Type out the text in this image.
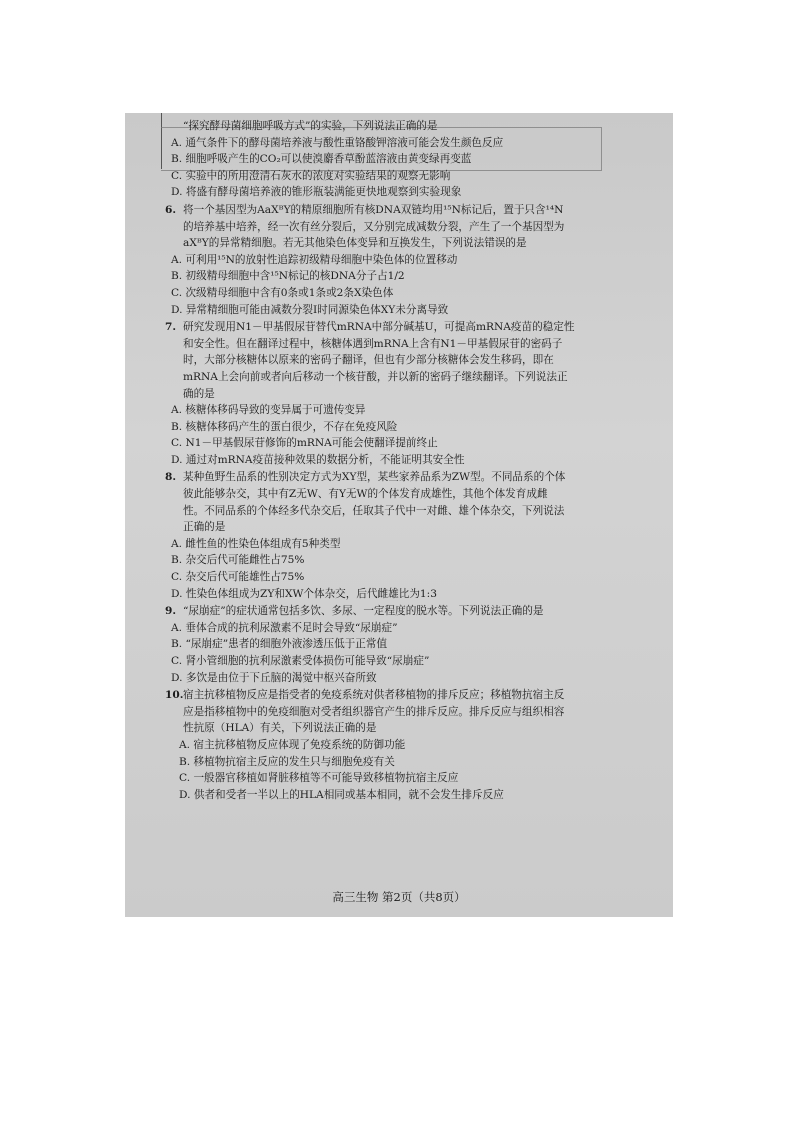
“探究酵母菌细胞呼吸方式”的实验，下列说法正确的是
A. 通气条件下的酵母菌培养液与酸性重铬酸钾溶液可能会发生颜色反应
B. 细胞呼吸产生的CO₂可以使溴麝香草酚蓝溶液由黄变绿再变蓝
C. 实验中的所用澄清石灰水的浓度对实验结果的观察无影响
D. 将盛有酵母菌培养液的锥形瓶装满能更快地观察到实验现象
6. 将一个基因型为AaXᴮY的精原细胞所有核DNA双链均用¹⁵N标记后，置于只含¹⁴N
的培养基中培养，经一次有丝分裂后，又分别完成减数分裂，产生了一个基因型为
aXᴮY的异常精细胞。若无其他染色体变异和互换发生，下列说法错误的是
A. 可利用¹⁵N的放射性追踪初级精母细胞中染色体的位置移动
B. 初级精母细胞中含¹⁵N标记的核DNA分子占1/2
C. 次级精母细胞中含有0条或1条或2条X染色体
D. 异常精细胞可能由减数分裂Ⅰ时同源染色体XY未分离导致
7. 研究发现用N1－甲基假尿苷替代mRNA中部分碱基U，可提高mRNA疫苗的稳定性
和安全性。但在翻译过程中，核糖体遇到mRNA上含有N1－甲基假尿苷的密码子
时，大部分核糖体以原来的密码子翻译，但也有少部分核糖体会发生移码，即在
mRNA上会向前或者向后移动一个核苷酸，并以新的密码子继续翻译。下列说法正
确的是
A. 核糖体移码导致的变异属于可遗传变异
B. 核糖体移码产生的蛋白很少，不存在免疫风险
C. N1－甲基假尿苷修饰的mRNA可能会使翻译提前终止
D. 通过对mRNA疫苗接种效果的数据分析，不能证明其安全性
8. 某种鱼野生品系的性别决定方式为XY型，某些家养品系为ZW型。不同品系的个体
彼此能够杂交，其中有Z无W、有Y无W的个体发育成雄性，其他个体发育成雌
性。不同品系的个体经多代杂交后，任取其子代中一对雌、雄个体杂交，下列说法
正确的是
A. 雌性鱼的性染色体组成有5种类型
B. 杂交后代可能雌性占75%
C. 杂交后代可能雄性占75%
D. 性染色体组成为ZY和XW个体杂交，后代雌雄比为1:3
9. “尿崩症”的症状通常包括多饮、多尿、一定程度的脱水等。下列说法正确的是
A. 垂体合成的抗利尿激素不足时会导致“尿崩症”
B. “尿崩症”患者的细胞外液渗透压低于正常值
C. 肾小管细胞的抗利尿激素受体损伤可能导致“尿崩症”
D. 多饮是由位于下丘脑的渴觉中枢兴奋所致
10. 宿主抗移植物反应是指受者的免疫系统对供者移植物的排斥反应；移植物抗宿主反
应是指移植物中的免疫细胞对受者组织器官产生的排斥反应。排斥反应与组织相容
性抗原（HLA）有关，下列说法正确的是
A. 宿主抗移植物反应体现了免疫系统的防御功能
B. 移植物抗宿主反应的发生只与细胞免疫有关
C. 一般器官移植如肾脏移植等不可能导致移植物抗宿主反应
D. 供者和受者一半以上的HLA相同或基本相同，就不会发生排斥反应
高三生物 第2页（共8页）
